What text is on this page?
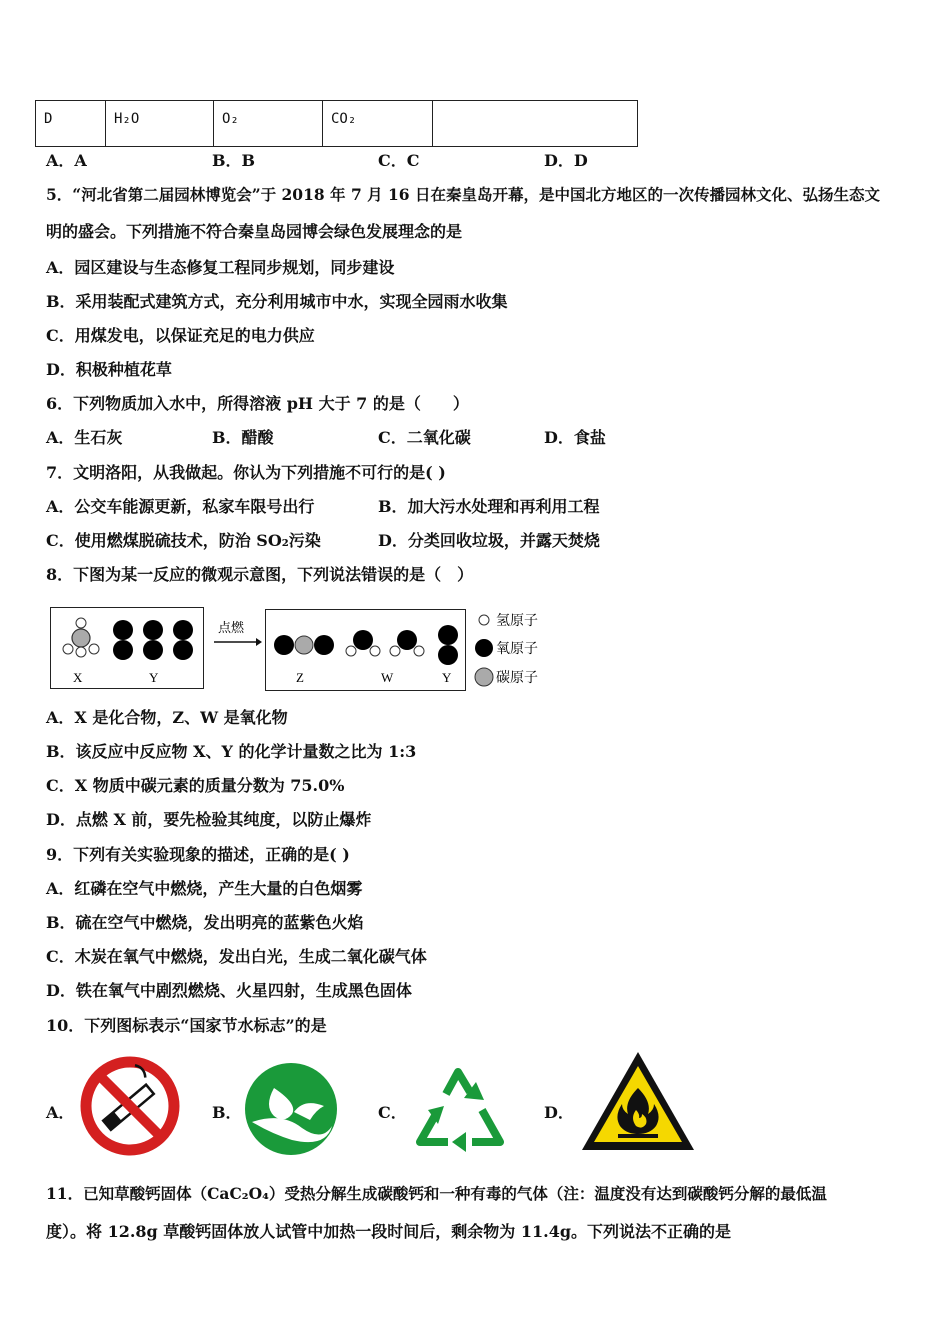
D	H₂O	O₂	CO₂	
A．A	B．B	C．C	D．D
5．“河北省第二届园林博览会”于 2018 年 7 月 16 日在秦皇岛开幕，是中国北方地区的一次传播园林文化、弘扬生态文
明的盛会。下列措施不符合秦皇岛园博会绿色发展理念的是
A．园区建设与生态修复工程同步规划，同步建设
B．采用装配式建筑方式，充分利用城市中水，实现全园雨水收集
C．用煤发电，以保证充足的电力供应
D．积极种植花草
6．下列物质加入水中，所得溶液 pH 大于 7 的是（　　）
A．生石灰	B．醋酸	C．二氧化碳	D．食盐
7．文明洛阳，从我做起。你认为下列措施不可行的是( )
A．公交车能源更新，私家车限号出行	B．加大污水处理和再利用工程
C．使用燃煤脱硫技术，防治 SO₂污染	D．分类回收垃圾，并露天焚烧
8．下图为某一反应的微观示意图，下列说法错误的是（　）
X	Y
点燃
Z	W	Y
氢原子
氧原子
碳原子
A．X 是化合物，Z、W 是氧化物
B．该反应中反应物 X、Y 的化学计量数之比为 1:3
C．X 物质中碳元素的质量分数为 75.0%
D．点燃 X 前，要先检验其纯度，以防止爆炸
9．下列有关实验现象的描述，正确的是( )
A．红磷在空气中燃烧，产生大量的白色烟雾
B．硫在空气中燃烧，发出明亮的蓝紫色火焰
C．木炭在氧气中燃烧，发出白光，生成二氧化碳气体
D．铁在氧气中剧烈燃烧、火星四射，生成黑色固体
10．下列图标表示“国家节水标志”的是
A．	B．	C．	D．
11．已知草酸钙固体（CaC₂O₄）受热分解生成碳酸钙和一种有毒的气体（注：温度没有达到碳酸钙分解的最低温
度）。将 12.8g 草酸钙固体放人试管中加热一段时间后，剩余物为 11.4g。下列说法不正确的是
